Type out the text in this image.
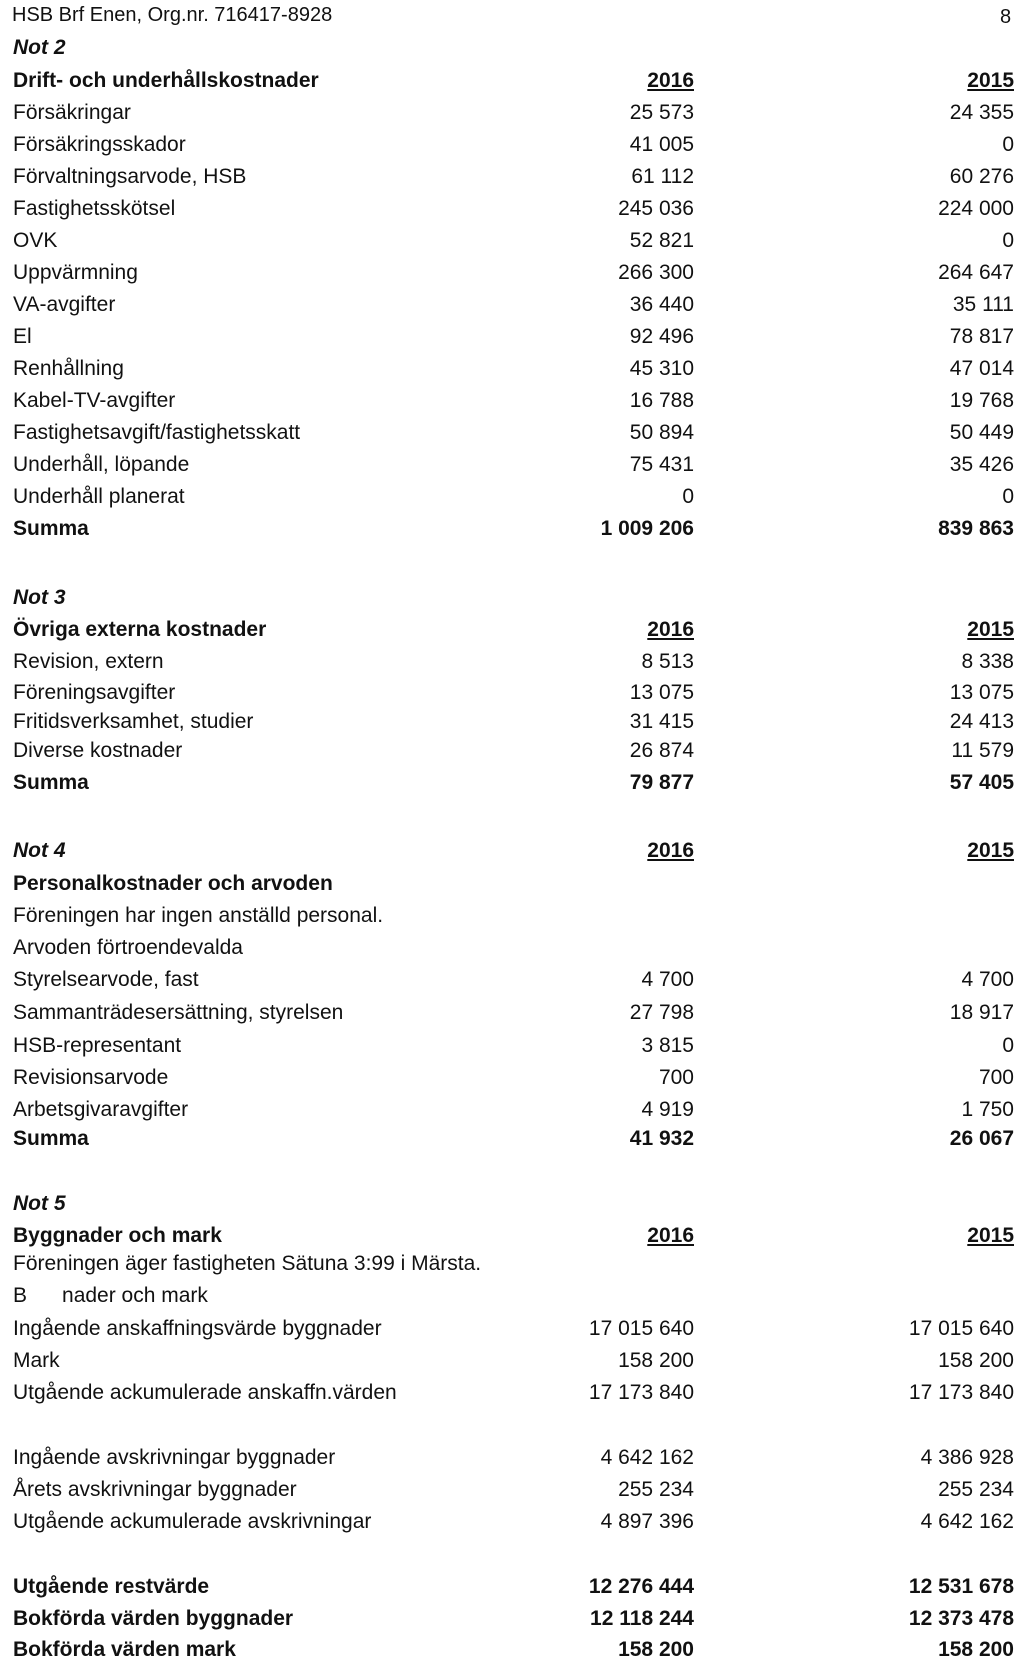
HSB Brf Enen, Org.nr. 716417-8928	8
Not 2
Drift- och underhållskostnader	2016	2015
Försäkringar	25 573	24 355
Försäkringsskador	41 005	0
Förvaltningsarvode, HSB	61 112	60 276
Fastighetsskötsel	245 036	224 000
OVK	52 821	0
Uppvärmning	266 300	264 647
VA-avgifter	36 440	35 111
El	92 496	78 817
Renhållning	45 310	47 014
Kabel-TV-avgifter	16 788	19 768
Fastighetsavgift/fastighetsskatt	50 894	50 449
Underhåll, löpande	75 431	35 426
Underhåll planerat	0	0
Summa	1 009 206	839 863
Not 3
Övriga externa kostnader	2016	2015
Revision, extern	8 513	8 338
Föreningsavgifter	13 075	13 075
Fritidsverksamhet, studier	31 415	24 413
Diverse kostnader	26 874	11 579
Summa	79 877	57 405
Not 4	2016	2015
Personalkostnader och arvoden
Föreningen har ingen anställd personal.
Arvoden förtroendevalda
Styrelsearvode, fast	4 700	4 700
Sammanträdesersättning, styrelsen	27 798	18 917
HSB-representant	3 815	0
Revisionsarvode	700	700
Arbetsgivaravgifter	4 919	1 750
Summa	41 932	26 067
Not 5
Byggnader och mark	2016	2015
Föreningen äger fastigheten Sätuna 3:99 i Märsta.
B      nader och mark
Ingående anskaffningsvärde byggnader	17 015 640	17 015 640
Mark	158 200	158 200
Utgående ackumulerade anskaffn.värden	17 173 840	17 173 840
Ingående avskrivningar byggnader	4 642 162	4 386 928
Årets avskrivningar byggnader	255 234	255 234
Utgående ackumulerade avskrivningar	4 897 396	4 642 162
Utgående restvärde	12 276 444	12 531 678
Bokförda värden byggnader	12 118 244	12 373 478
Bokförda värden mark	158 200	158 200
